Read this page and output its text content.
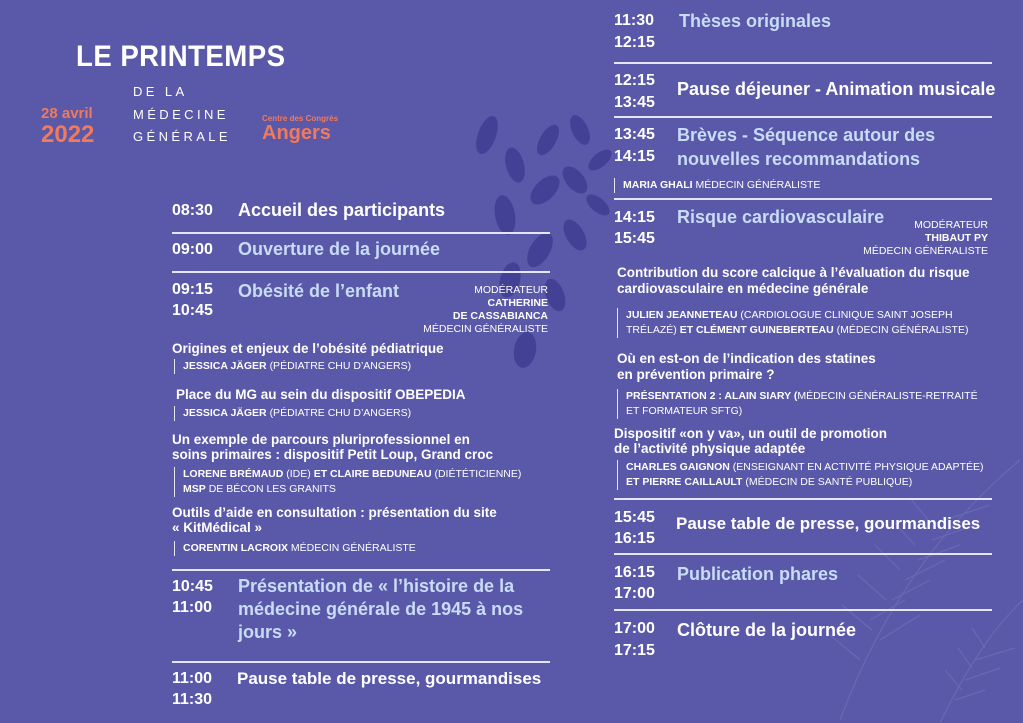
LE PRINTEMPS
DE LA
MÉDECINE
GÉNÉRALE
28 avril
2022
Centre des Congrès
Angers
08:30 Accueil des participants
09:00 Ouverture de la journée
09:15
10:45
Obésité de l’enfant	MODÉRATEUR
CATHERINE
DE CASSABIANCA
MÉDECIN GÉNÉRALISTE
Origines et enjeux de l’obésité pédiatrique
JESSICA JÄGER (PÉDIATRE CHU D’ANGERS)
Place du MG au sein du dispositif OBEPEDIA
JESSICA JÄGER (PÉDIATRE CHU D’ANGERS)
Un exemple de parcours pluriprofessionnel en
soins primaires : dispositif Petit Loup, Grand croc
LORENE BRÉMAUD (IDE) ET CLAIRE BEDUNEAU (DIÉTÉTICIENNE)
MSP DE BÉCON LES GRANITS
Outils d’aide en consultation : présentation du site
« KitMédical »
CORENTIN LACROIX MÉDECIN GÉNÉRALISTE
10:45
11:00
Présentation de « l’histoire de la
médecine générale de 1945 à nos
jours »
11:00
11:30
Pause table de presse, gourmandises
11:30
12:15
Thèses originales
12:15
13:45
Pause déjeuner - Animation musicale
13:45
14:15
Brèves - Séquence autour des
nouvelles recommandations
MARIA GHALI MÉDECIN GÉNÉRALISTE
14:15
15:45
Risque cardiovasculaire	MODÉRATEUR
THIBAUT PY
MÉDECIN GÉNÉRALISTE
Contribution du score calcique à l’évaluation du risque
cardiovasculaire en médecine générale
JULIEN JEANNETEAU (CARDIOLOGUE CLINIQUE SAINT JOSEPH
TRÉLAZÉ) ET CLÉMENT GUINEBERTEAU (MÉDECIN GÉNÉRALISTE)
Où en est-on de l’indication des statines
en prévention primaire ?
PRÉSENTATION 2 : ALAIN SIARY (MÉDECIN GÉNÉRALISTE-RETRAITÉ
ET FORMATEUR SFTG)
Dispositif «on y va», un outil de promotion
de l’activité physique adaptée
CHARLES GAIGNON (ENSEIGNANT EN ACTIVITÉ PHYSIQUE ADAPTÉE)
ET PIERRE CAILLAULT (MÉDECIN DE SANTÉ PUBLIQUE)
15:45
16:15
Pause table de presse, gourmandises
16:15
17:00
Publication phares
17:00
17:15
Clôture de la journée
